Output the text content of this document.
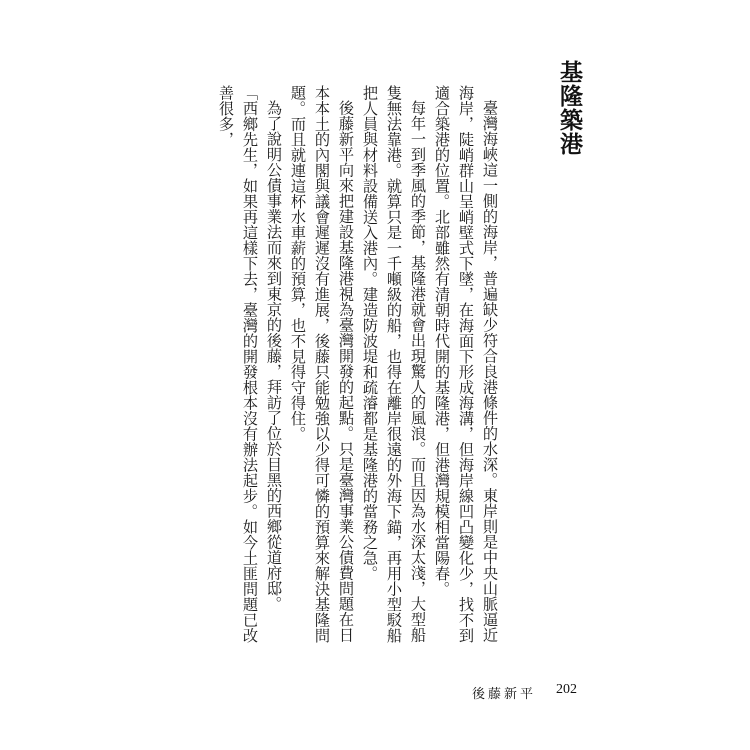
基隆築港

臺灣海峽這一側的海岸，普遍缺少符合良港條件的水深。東岸則是中央山脈逼近海岸，陡峭群山呈峭壁式下墜，在海面下形成海溝，但海岸線凹凸變化少，找不到適合築港的位置。北部雖然有清朝時代開的基隆港，但港灣規模相當陽春。

每年一到季風的季節，基隆港就會出現驚人的風浪。而且因為水深太淺，大型船隻無法靠港。就算只是一千噸級的船，也得在離岸很遠的外海下錨，再用小型駁船把人員與材料設備送入港內。建造防波堤和疏濬都是基隆港的當務之急。

後藤新平向來把建設基隆港視為臺灣開發的起點。只是臺灣事業公債費問題在日本本土的內閣與議會遲遲沒有進展，後藤只能勉強以少得可憐的預算來解決基隆問題。而且就連這杯水車薪的預算，也不見得守得住。

為了說明公債事業法而來到東京的後藤，拜訪了位於目黑的西鄉從道府邸。

「西鄉先生，如果再這樣下去，臺灣的開發根本沒有辦法起步。如今土匪問題已改善很多，

後藤新平 202
